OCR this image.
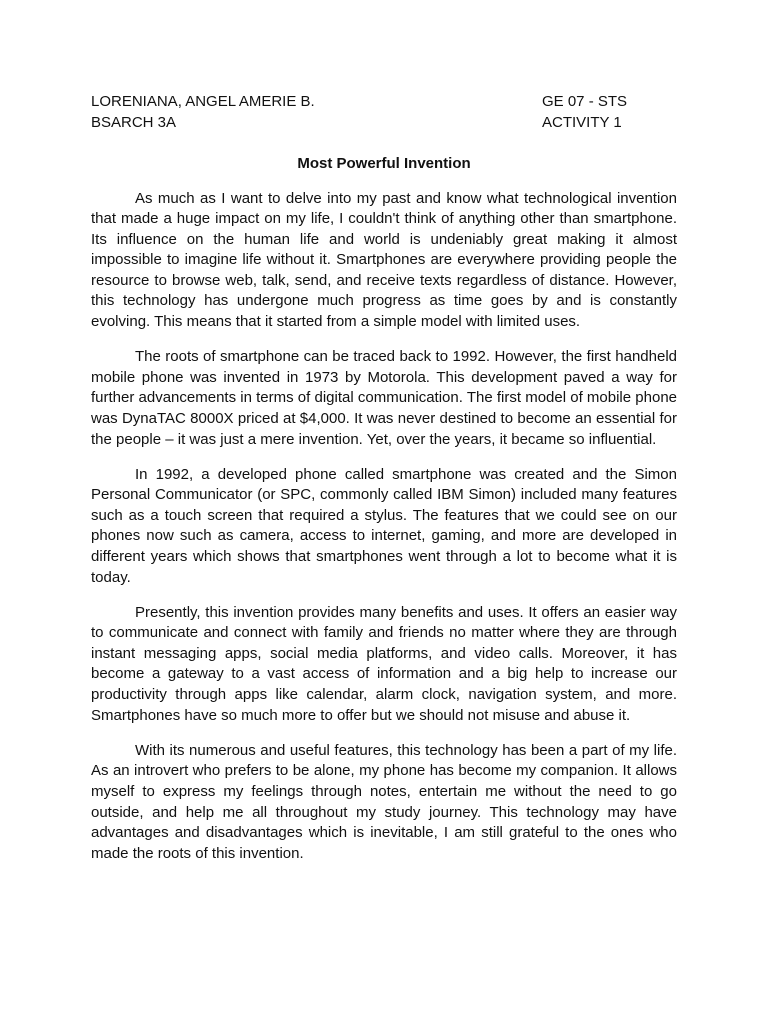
LORENIANA, ANGEL AMERIE B.	GE 07 - STS
BSARCH 3A	ACTIVITY 1
Most Powerful Invention

As much as I want to delve into my past and know what technological invention that made a huge impact on my life, I couldn't think of anything other than smartphone. Its influence on the human life and world is undeniably great making it almost impossible to imagine life without it. Smartphones are everywhere providing people the resource to browse web, talk, send, and receive texts regardless of distance. However, this technology has undergone much progress as time goes by and is constantly evolving. This means that it started from a simple model with limited uses.

The roots of smartphone can be traced back to 1992. However, the first handheld mobile phone was invented in 1973 by Motorola. This development paved a way for further advancements in terms of digital communication. The first model of mobile phone was DynaTAC 8000X priced at $4,000. It was never destined to become an essential for the people – it was just a mere invention. Yet, over the years, it became so influential.

In 1992, a developed phone called smartphone was created and the Simon Personal Communicator (or SPC, commonly called IBM Simon) included many features such as a touch screen that required a stylus. The features that we could see on our phones now such as camera, access to internet, gaming, and more are developed in different years which shows that smartphones went through a lot to become what it is today.

Presently, this invention provides many benefits and uses. It offers an easier way to communicate and connect with family and friends no matter where they are through instant messaging apps, social media platforms, and video calls. Moreover, it has become a gateway to a vast access of information and a big help to increase our productivity through apps like calendar, alarm clock, navigation system, and more. Smartphones have so much more to offer but we should not misuse and abuse it.

With its numerous and useful features, this technology has been a part of my life. As an introvert who prefers to be alone, my phone has become my companion. It allows myself to express my feelings through notes, entertain me without the need to go outside, and help me all throughout my study journey. This technology may have advantages and disadvantages which is inevitable, I am still grateful to the ones who made the roots of this invention.
